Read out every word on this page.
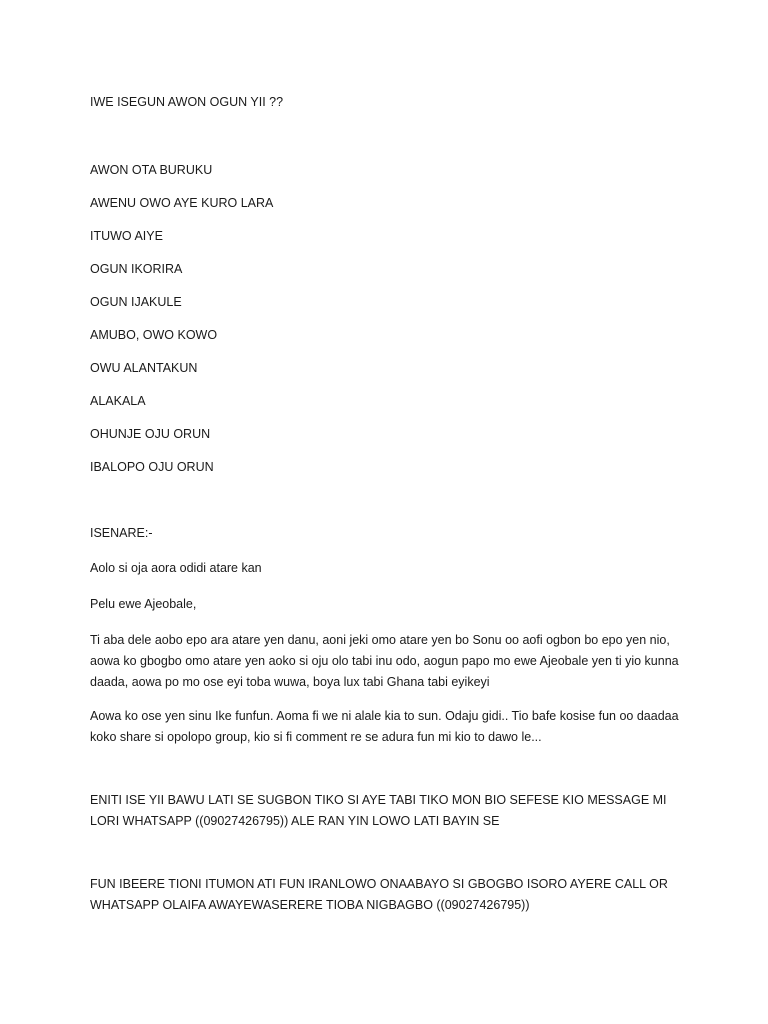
IWE ISEGUN AWON OGUN YII ??

AWON OTA BURUKU

AWENU OWO AYE KURO LARA

ITUWO AIYE

OGUN IKORIRA

OGUN IJAKULE

AMUBO, OWO KOWO

OWU ALANTAKUN

ALAKALA

OHUNJE OJU ORUN

IBALOPO OJU ORUN

ISENARE:-

Aolo si oja aora odidi atare kan

Pelu ewe Ajeobale,

Ti aba dele aobo epo ara atare yen danu, aoni jeki omo atare yen bo Sonu oo aofi ogbon bo epo yen nio, aowa ko gbogbo omo atare yen aoko si oju olo tabi inu odo, aogun papo mo ewe Ajeobale yen ti yio kunna daada, aowa po mo ose eyi toba wuwa, boya lux tabi Ghana tabi eyikeyi

Aowa ko ose yen sinu Ike funfun. Aoma fi we ni alale kia to sun. Odaju gidi.. Tio bafe kosise fun oo daadaa koko share si opolopo group, kio si fi comment re se adura fun mi kio to dawo le...

ENITI ISE YII BAWU LATI SE SUGBON TIKO SI AYE TABI TIKO MON BIO SEFESE KIO MESSAGE MI LORI WHATSAPP ((09027426795)) ALE RAN YIN LOWO LATI BAYIN SE

FUN IBEERE TIONI ITUMON ATI FUN IRANLOWO ONAABAYO SI GBOGBO ISORO AYERE CALL OR WHATSAPP OLAIFA AWAYEWASERERE TIOBA NIGBAGBO ((09027426795))
